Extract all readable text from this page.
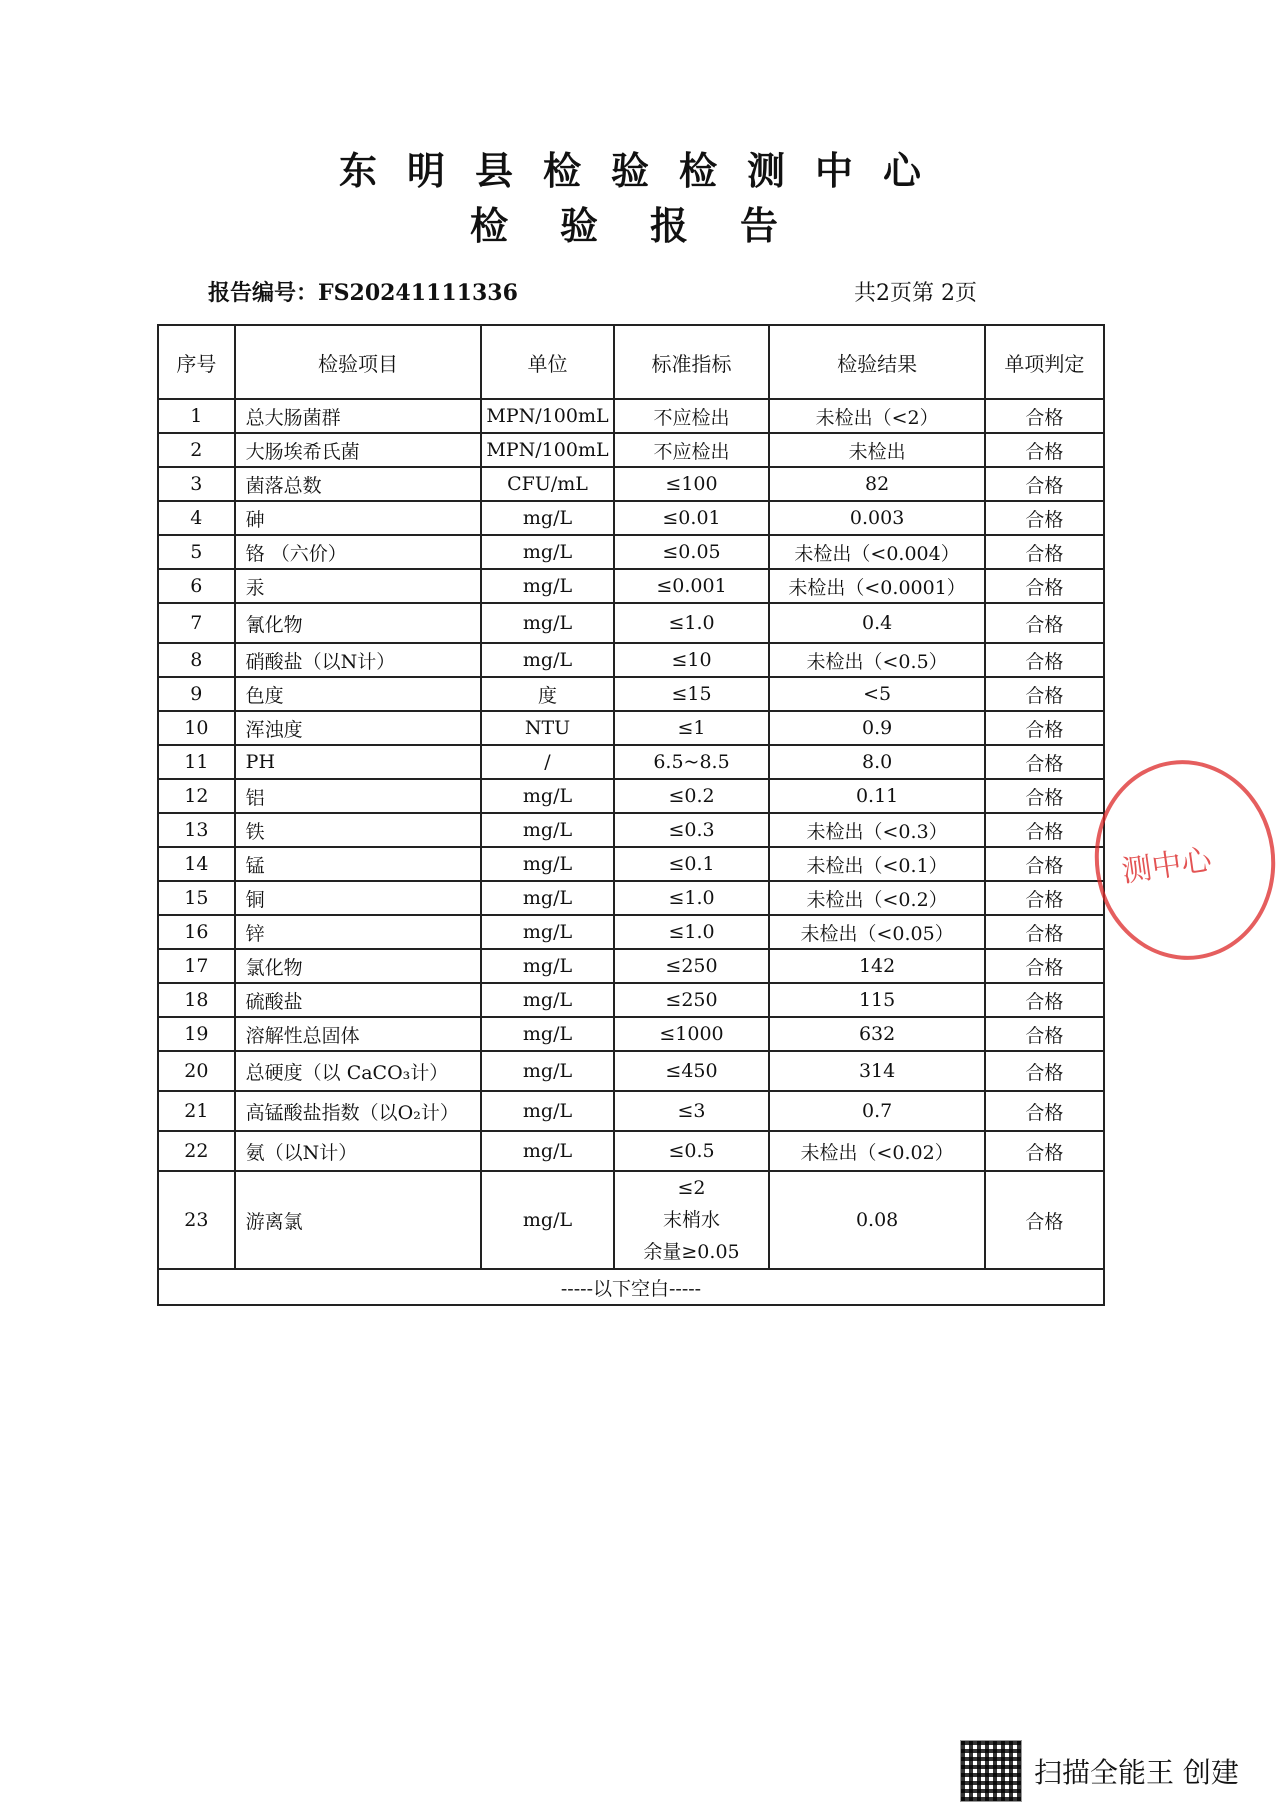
东明县检验检测中心
检验报告
报告编号：FS20241111336	共2页第 2页
序号	检验项目	单位	标准指标	检验结果	单项判定
1	总大肠菌群	MPN/100mL	不应检出	未检出（<2）	合格
2	大肠埃希氏菌	MPN/100mL	不应检出	未检出	合格
3	菌落总数	CFU/mL	≤100	82	合格
4	砷	mg/L	≤0.01	0.003	合格
5	铬 （六价）	mg/L	≤0.05	未检出（<0.004）	合格
6	汞	mg/L	≤0.001	未检出（<0.0001）	合格
7	氰化物	mg/L	≤1.0	0.4	合格
8	硝酸盐（以N计）	mg/L	≤10	未检出（<0.5）	合格
9	色度	度	≤15	<5	合格
10	浑浊度	NTU	≤1	0.9	合格
11	PH	/	6.5~8.5	8.0	合格
12	铝	mg/L	≤0.2	0.11	合格
13	铁	mg/L	≤0.3	未检出（<0.3）	合格
14	锰	mg/L	≤0.1	未检出（<0.1）	合格
15	铜	mg/L	≤1.0	未检出（<0.2）	合格
16	锌	mg/L	≤1.0	未检出（<0.05）	合格
17	氯化物	mg/L	≤250	142	合格
18	硫酸盐	mg/L	≤250	115	合格
19	溶解性总固体	mg/L	≤1000	632	合格
20	总硬度（以 CaCO₃计）	mg/L	≤450	314	合格
21	高锰酸盐指数（以O₂计）	mg/L	≤3	0.7	合格
22	氨（以N计）	mg/L	≤0.5	未检出（<0.02）	合格
23	游离氯	mg/L	≤2
末梢水
余量≥0.05	0.08	合格
-----以下空白-----					
测中心
扫描全能王 创建
